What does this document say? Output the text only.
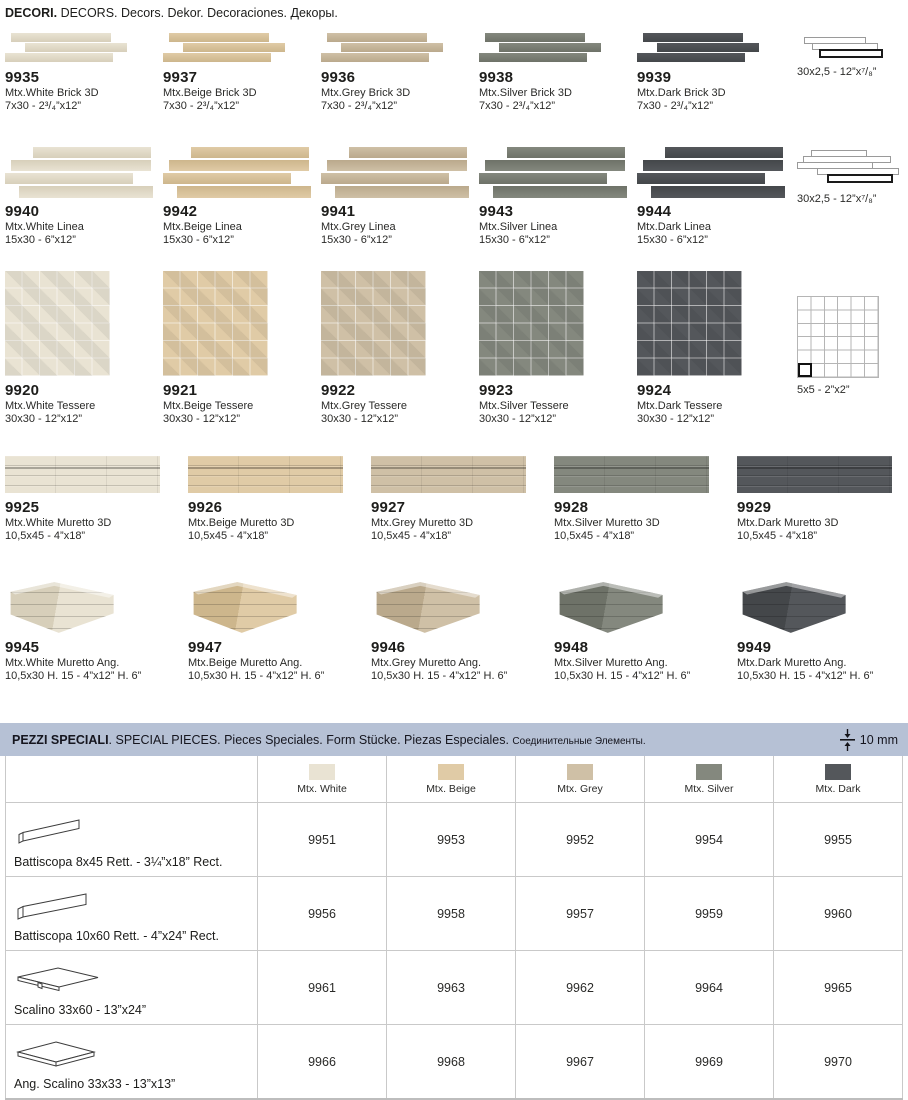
DECORI. DECORS. Decors. Dekor. Decoraciones. Декоры.
9935
Mtx.White Brick 3D
7x30 - 2³/₄”x12”
9937
Mtx.Beige Brick 3D
7x30 - 2³/₄”x12”
9936
Mtx.Grey Brick 3D
7x30 - 2³/₄”x12”
9938
Mtx.Silver Brick 3D
7x30 - 2³/₄”x12”
9939
Mtx.Dark Brick 3D
7x30 - 2³/₄”x12”
30x2,5 - 12”x⁷/₈”
9940
Mtx.White Linea
15x30 - 6”x12”
9942
Mtx.Beige Linea
15x30 - 6”x12”
9941
Mtx.Grey Linea
15x30 - 6”x12”
9943
Mtx.Silver Linea
15x30 - 6”x12”
9944
Mtx.Dark Linea
15x30 - 6”x12”
30x2,5 - 12”x⁷/₈”
9920
Mtx.White Tessere
30x30 - 12”x12”
9921
Mtx.Beige Tessere
30x30 - 12”x12”
9922
Mtx.Grey Tessere
30x30 - 12”x12”
9923
Mtx.Silver Tessere
30x30 - 12”x12”
9924
Mtx.Dark Tessere
30x30 - 12”x12”
5x5 - 2”x2”
9925
Mtx.White Muretto 3D
10,5x45 - 4”x18”
9926
Mtx.Beige Muretto 3D
10,5x45 - 4”x18”
9927
Mtx.Grey Muretto 3D
10,5x45 - 4”x18”
9928
Mtx.Silver Muretto 3D
10,5x45 - 4”x18”
9929
Mtx.Dark Muretto 3D
10,5x45 - 4”x18”
9945
Mtx.White Muretto Ang.
10,5x30 H. 15 - 4”x12” H. 6”
9947
Mtx.Beige Muretto Ang.
10,5x30 H. 15 - 4”x12” H. 6”
9946
Mtx.Grey Muretto Ang.
10,5x30 H. 15 - 4”x12” H. 6”
9948
Mtx.Silver Muretto Ang.
10,5x30 H. 15 - 4”x12” H. 6”
9949
Mtx.Dark Muretto Ang.
10,5x30 H. 15 - 4”x12” H. 6”
PEZZI SPECIALI. SPECIAL PIECES. Pieces Speciales. Form Stücke. Piezas Especiales. Соединительные Элементы.	10 mm

	Mtx. White	Mtx. Beige	Mtx. Grey	Mtx. Silver	Mtx. Dark

Battiscopa 8x45 Rett. - 3¼”x18” Rect.	9951	9953	9952	9954	9955

Battiscopa 10x60 Rett. - 4”x24” Rect.	9956	9958	9957	9959	9960

Scalino 33x60 - 13”x24”	9961	9963	9962	9964	9965

Ang. Scalino 33x33 - 13”x13”	9966	9968	9967	9969	9970
